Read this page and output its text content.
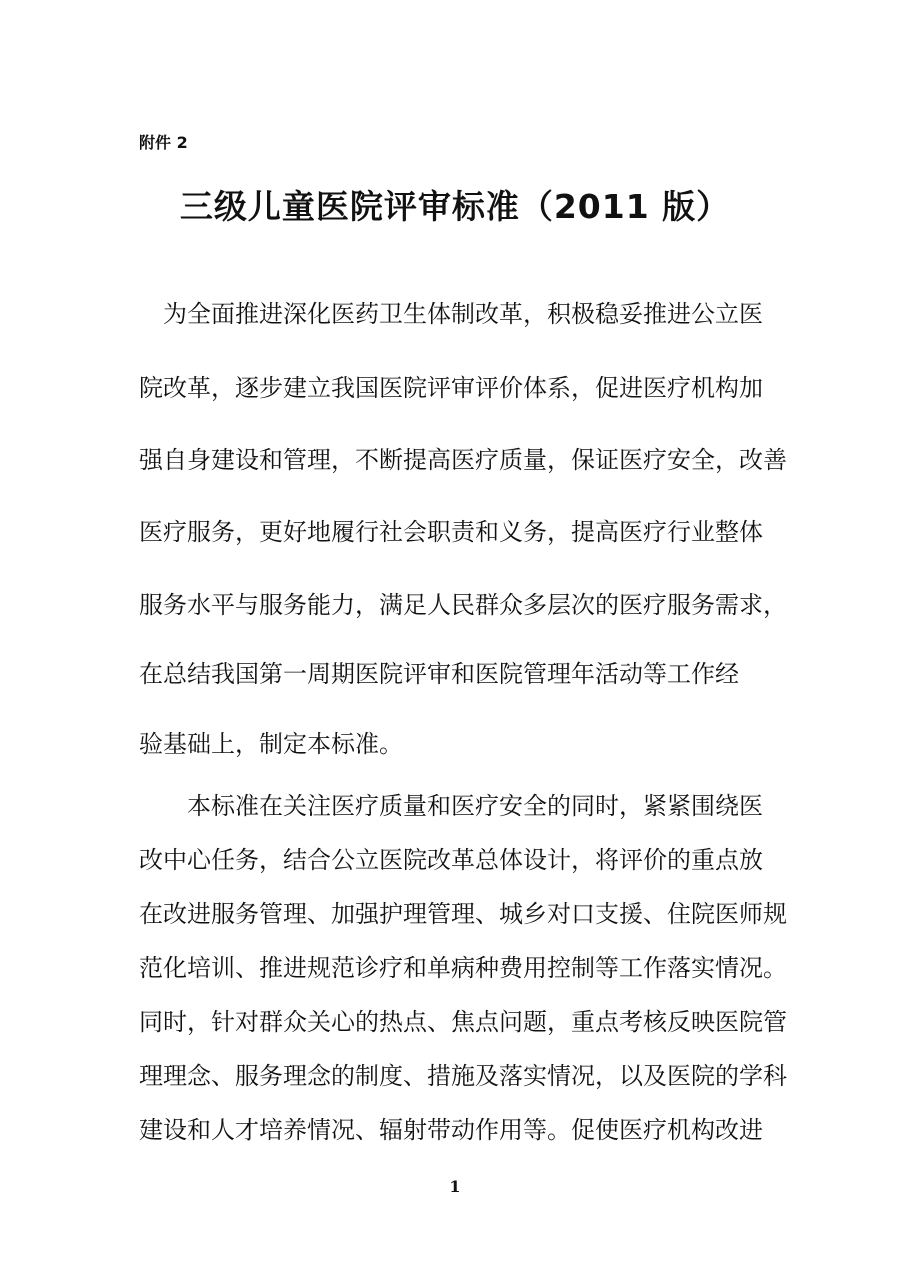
附件 2
三级儿童医院评审标准（2011 版）
为全面推进深化医药卫生体制改革，积极稳妥推进公立医
院改革，逐步建立我国医院评审评价体系，促进医疗机构加
强自身建设和管理，不断提高医疗质量，保证医疗安全，改善
医疗服务，更好地履行社会职责和义务，提高医疗行业整体
服务水平与服务能力，满足人民群众多层次的医疗服务需求，
在总结我国第一周期医院评审和医院管理年活动等工作经
验基础上，制定本标准。
本标准在关注医疗质量和医疗安全的同时，紧紧围绕医
改中心任务，结合公立医院改革总体设计，将评价的重点放
在改进服务管理、加强护理管理、城乡对口支援、住院医师规
范化培训、推进规范诊疗和单病种费用控制等工作落实情况。
同时，针对群众关心的热点、焦点问题，重点考核反映医院管
理理念、服务理念的制度、措施及落实情况，以及医院的学科
建设和人才培养情况、辐射带动作用等。促使医疗机构改进
1
